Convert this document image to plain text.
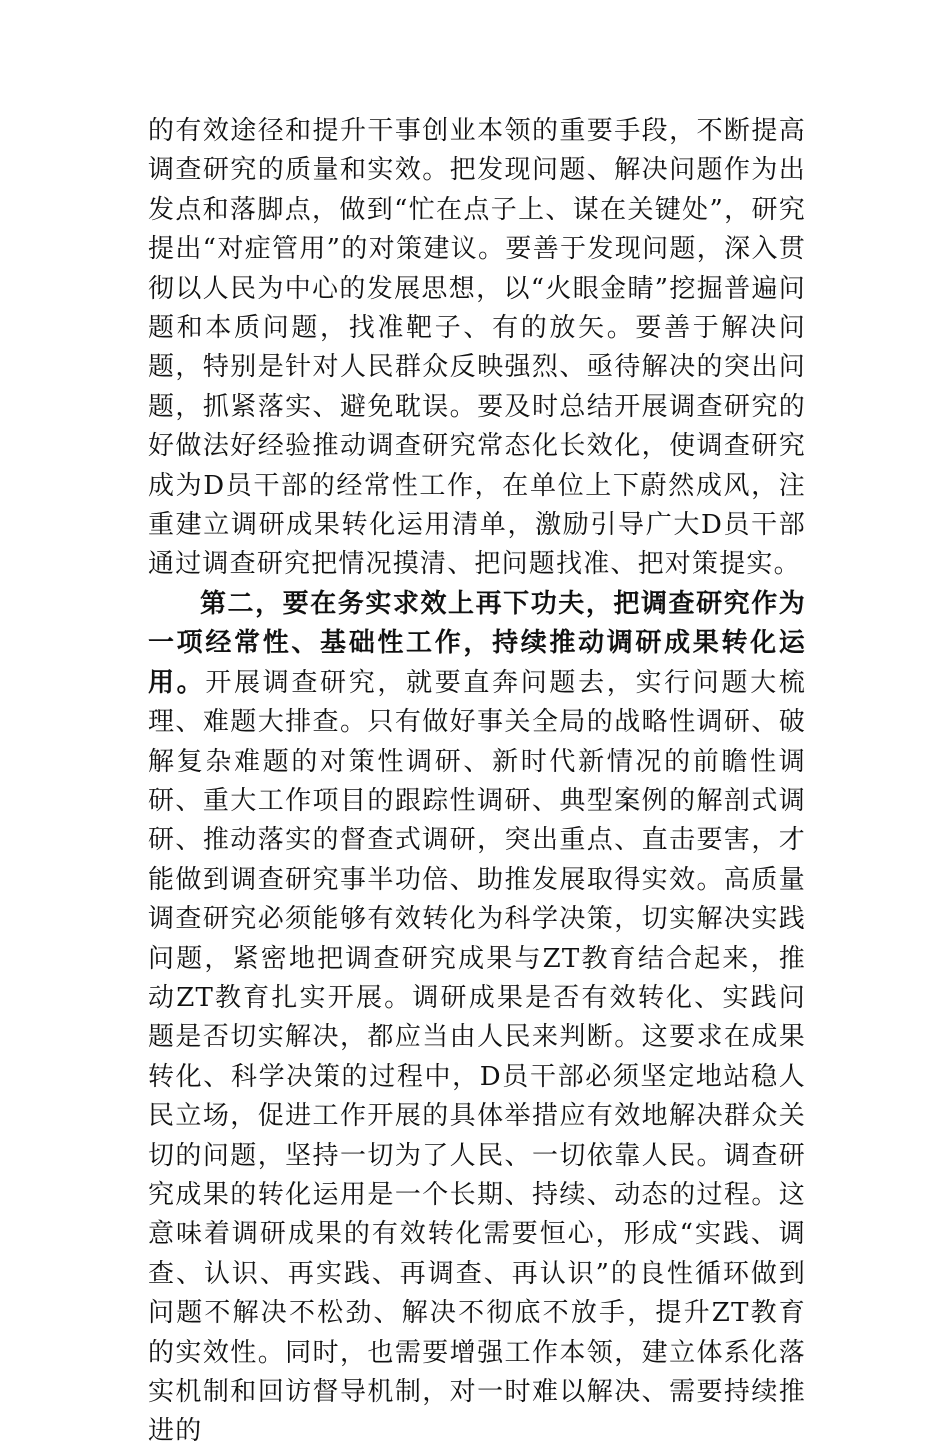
的有效途径和提升干事创业本领的重要手段，不断提高调查研究的质量和实效。把发现问题、解决问题作为出发点和落脚点，做到“忙在点子上、谋在关键处”，研究提出“对症管用”的对策建议。要善于发现问题，深入贯彻以人民为中心的发展思想，以“火眼金睛”挖掘普遍问题和本质问题，找准靶子、有的放矢。要善于解决问题，特别是针对人民群众反映强烈、亟待解决的突出问题，抓紧落实、避免耽误。要及时总结开展调查研究的好做法好经验推动调查研究常态化长效化，使调查研究成为D员干部的经常性工作，在单位上下蔚然成风，注重建立调研成果转化运用清单，激励引导广大D员干部通过调查研究把情况摸清、把问题找准、把对策提实。

第二，要在务实求效上再下功夫，把调查研究作为一项经常性、基础性工作，持续推动调研成果转化运用。开展调查研究，就要直奔问题去，实行问题大梳理、难题大排查。只有做好事关全局的战略性调研、破解复杂难题的对策性调研、新时代新情况的前瞻性调研、重大工作项目的跟踪性调研、典型案例的解剖式调研、推动落实的督查式调研，突出重点、直击要害，才能做到调查研究事半功倍、助推发展取得实效。高质量调查研究必须能够有效转化为科学决策，切实解决实践问题，紧密地把调查研究成果与ZT教育结合起来，推动ZT教育扎实开展。调研成果是否有效转化、实践问题是否切实解决，都应当由人民来判断。这要求在成果转化、科学决策的过程中，D员干部必须坚定地站稳人民立场，促进工作开展的具体举措应有效地解决群众关切的问题，坚持一切为了人民、一切依靠人民。调查研究成果的转化运用是一个长期、持续、动态的过程。这意味着调研成果的有效转化需要恒心，形成“实践、调查、认识、再实践、再调查、再认识”的良性循环做到问题不解决不松劲、解决不彻底不放手，提升ZT教育的实效性。同时，也需要增强工作本领，建立体系化落实机制和回访督导机制，对一时难以解决、需要持续推进的
